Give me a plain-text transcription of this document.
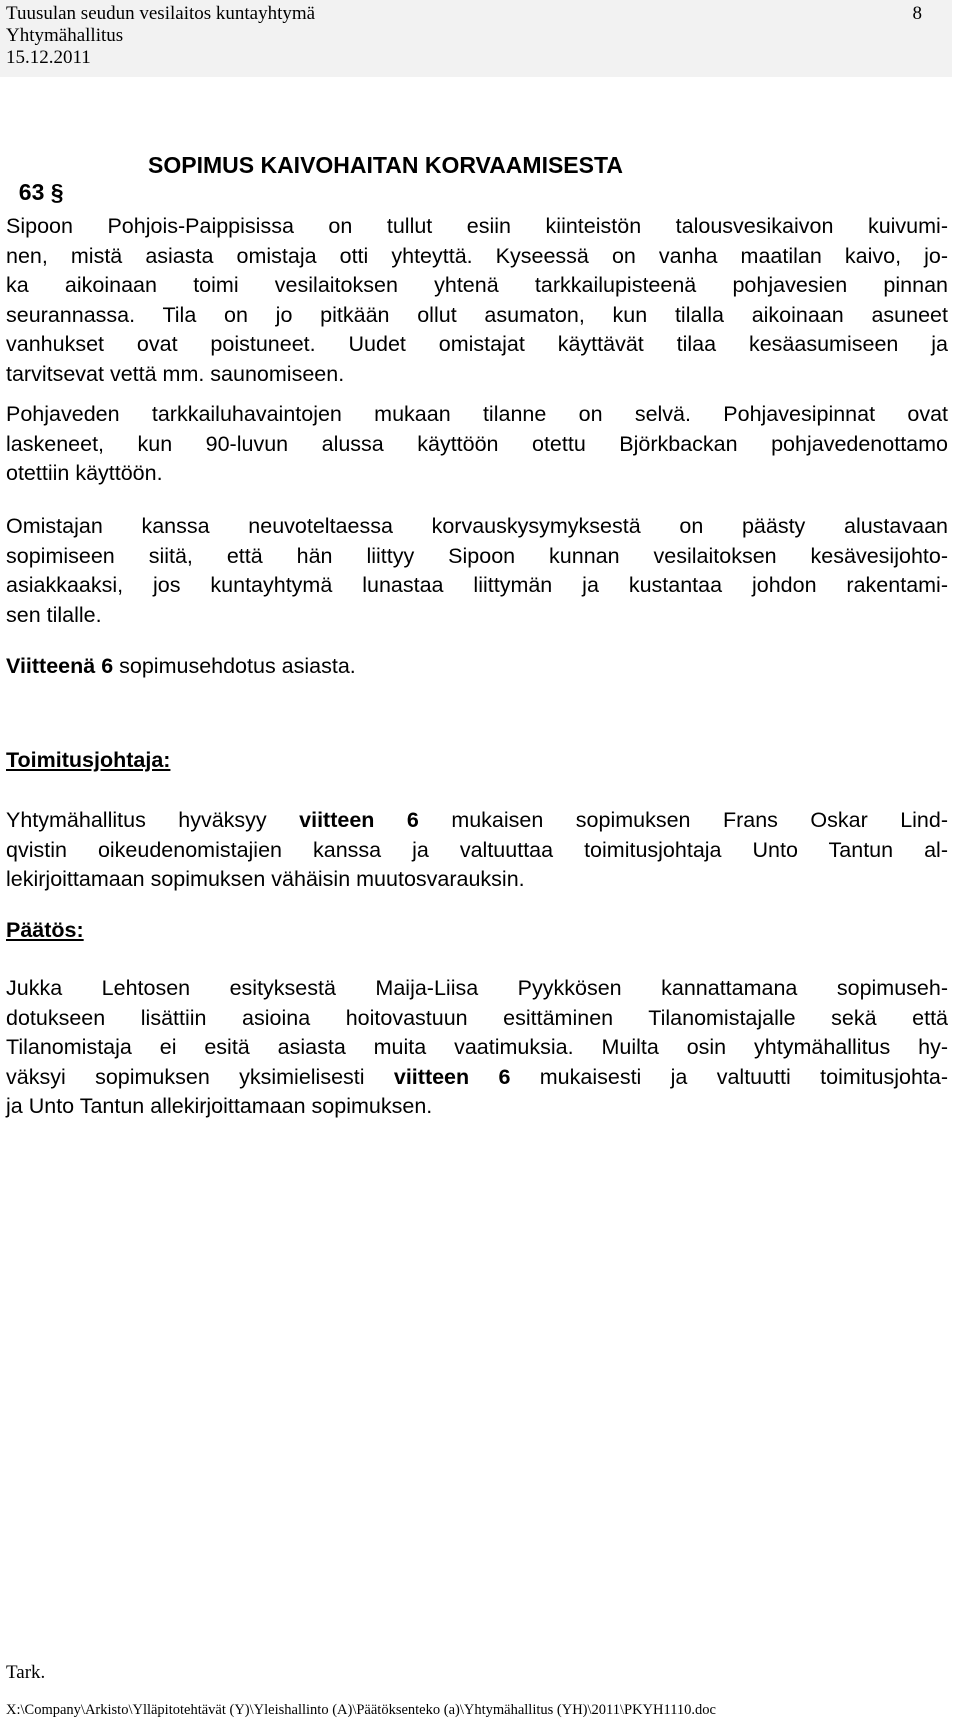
Tuusulan seudun vesilaitos kuntayhtymä
Yhtymähallitus
15.12.2011
8

63 §

SOPIMUS KAIVOHAITAN KORVAAMISESTA

Sipoon Pohjois-Paippisissa on tullut esiin kiinteistön talousvesikaivon kuivumi-
nen, mistä asiasta omistaja otti yhteyttä. Kyseessä on vanha maatilan kaivo, jo-
ka aikoinaan toimi vesilaitoksen yhtenä tarkkailupisteenä pohjavesien pinnan
seurannassa. Tila on jo pitkään ollut asumaton, kun tilalla aikoinaan asuneet
vanhukset ovat poistuneet. Uudet omistajat käyttävät tilaa kesäasumiseen ja
tarvitsevat vettä mm. saunomiseen.
Pohjaveden tarkkailuhavaintojen mukaan tilanne on selvä. Pohjavesipinnat ovat
laskeneet, kun 90-luvun alussa käyttöön otettu Björkbackan pohjavedenottamo
otettiin käyttöön.
Omistajan kanssa neuvoteltaessa korvauskysymyksestä on päästy alustavaan
sopimiseen siitä, että hän liittyy Sipoon kunnan vesilaitoksen kesävesijohto-
asiakkaaksi, jos kuntayhtymä lunastaa liittymän ja kustantaa johdon rakentami-
sen tilalle.
Viitteenä 6 sopimusehdotus asiasta.
Toimitusjohtaja:
Yhtymähallitus hyväksyy viitteen 6 mukaisen sopimuksen Frans Oskar Lind-
qvistin oikeudenomistajien kanssa ja valtuuttaa toimitusjohtaja Unto Tantun al-
lekirjoittamaan sopimuksen vähäisin muutosvarauksin.
Päätös:
Jukka Lehtosen esityksestä Maija-Liisa Pyykkösen kannattamana sopimuseh-
dotukseen lisättiin asioina hoitovastuun esittäminen Tilanomistajalle sekä että
Tilanomistaja ei esitä asiasta muita vaatimuksia. Muilta osin yhtymähallitus hy-
väksyi sopimuksen yksimielisesti viitteen 6 mukaisesti ja valtuutti toimitusjohta-
ja Unto Tantun allekirjoittamaan sopimuksen.
Tark.
X:\Company\Arkisto\Ylläpitotehtävät (Y)\Yleishallinto (A)\Päätöksenteko (a)\Yhtymähallitus (YH)\2011\PKYH1110.doc
